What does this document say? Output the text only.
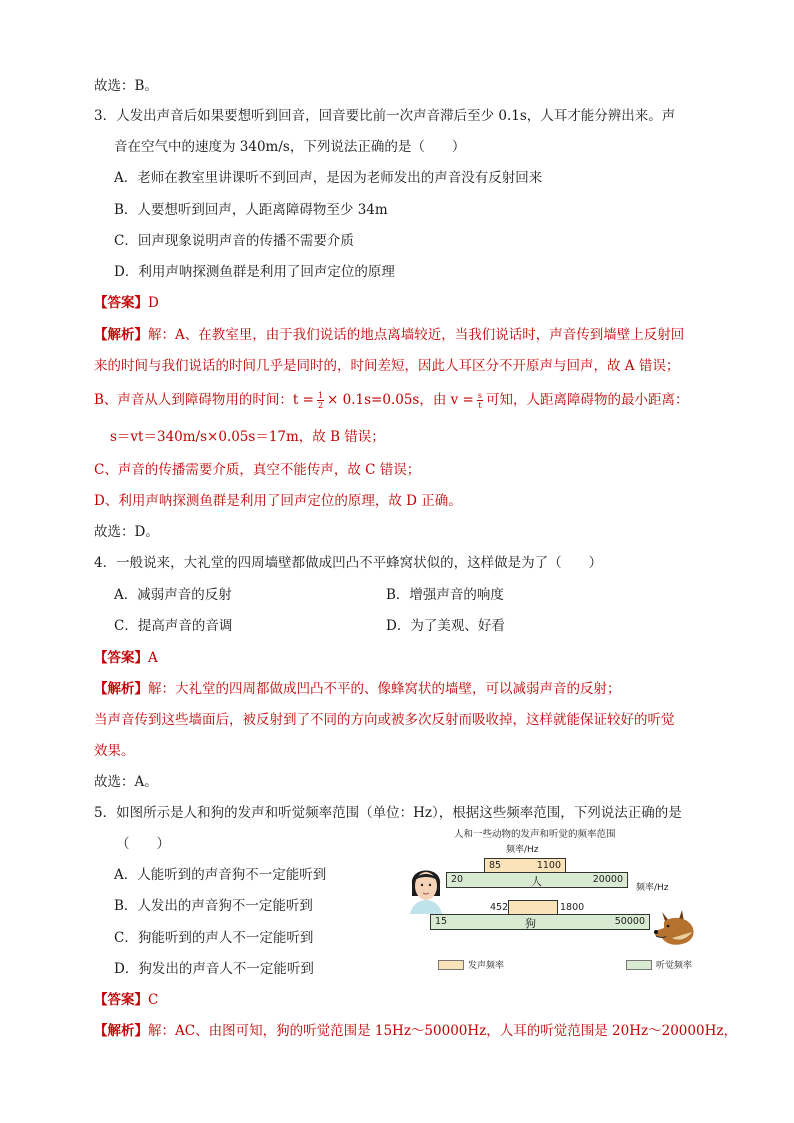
故选：B。
3．人发出声音后如果要想听到回音，回音要比前一次声音滞后至少 0.1s，人耳才能分辨出来。声
音在空气中的速度为 340m/s，下列说法正确的是（　　）
A．老师在教室里讲课听不到回声，是因为老师发出的声音没有反射回来
B．人要想听到回声，人距离障碍物至少 34m
C．回声现象说明声音的传播不需要介质
D．利用声呐探测鱼群是利用了回声定位的原理
【答案】D
【解析】解：A、在教室里，由于我们说话的地点离墙较近，当我们说话时，声音传到墙壁上反射回
来的时间与我们说话的时间几乎是同时的，时间差短，因此人耳区分不开原声与回声，故 A 错误；
B、声音从人到障碍物用的时间：$t = \frac{1}{2} \times 0.1s=0.05s$，由 $v = \frac{s}{t}$ 可知，人距离障碍物的最小距离：
s＝vt＝340m/s×0.05s＝17m，故 B 错误；
C、声音的传播需要介质，真空不能传声，故 C 错误；
D、利用声呐探测鱼群是利用了回声定位的原理，故 D 正确。
故选：D。
4．一般说来，大礼堂的四周墙壁都做成凹凸不平蜂窝状似的，这样做是为了（　　）
A．减弱声音的反射	B．增强声音的响度
C．提高声音的音调	D．为了美观、好看
【答案】A
【解析】解：大礼堂的四周都做成凹凸不平的、像蜂窝状的墙壁，可以减弱声音的反射；
当声音传到这些墙面后，被反射到了不同的方向或被多次反射而吸收掉，这样就能保证较好的听觉
效果。
故选：A。
5．如图所示是人和狗的发声和听觉频率范围（单位：Hz），根据这些频率范围，下列说法正确的是
（　　）
A．人能听到的声音狗不一定能听到
B．人发出的声音狗不一定能听到
C．狗能听到的声人不一定能听到
D．狗发出的声音人不一定能听到
【答案】C
【解析】解：AC、由图可知，狗的听觉范围是 15Hz～50000Hz，人耳的听觉范围是 20Hz～20000Hz，
人和一些动物的发声和听觉的频率范围
频率/Hz
85	1100
20	人	20000
频率/Hz
452	1800
15	狗	50000
发声频率	听觉频率
